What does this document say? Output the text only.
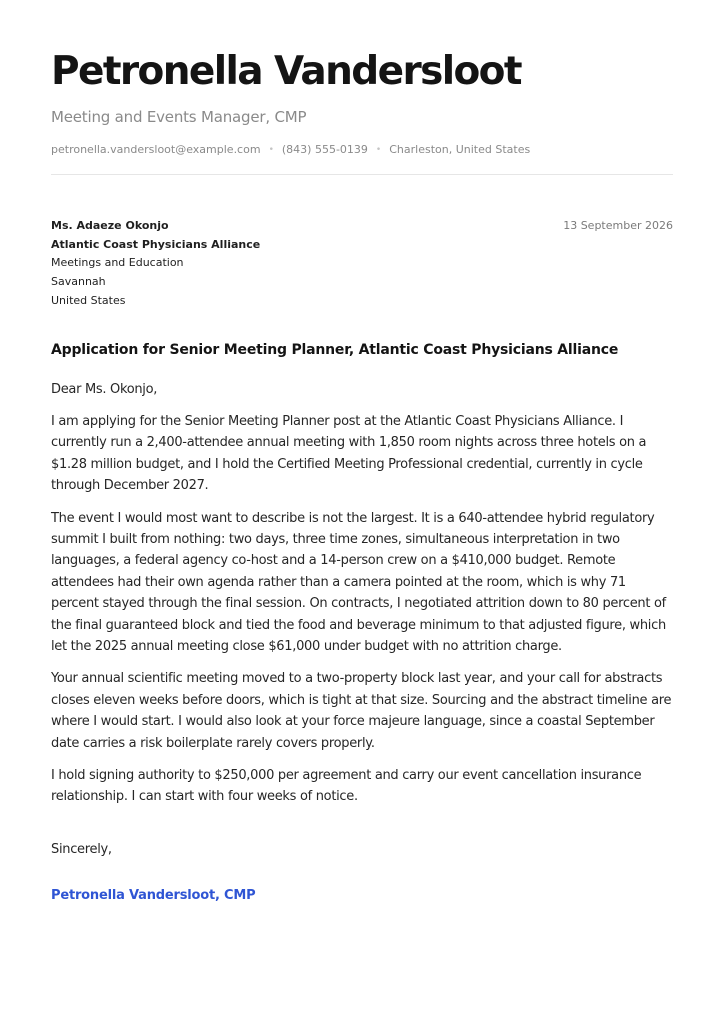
Petronella Vandersloot
Meeting and Events Manager, CMP
petronella.vandersloot@example.com • (843) 555-0139 • Charleston, United States
13 September 2026
Ms. Adaeze Okonjo
Atlantic Coast Physicians Alliance
Meetings and Education
Savannah
United States
Application for Senior Meeting Planner, Atlantic Coast Physicians Alliance
Dear Ms. Okonjo,

I am applying for the Senior Meeting Planner post at the Atlantic Coast Physicians Alliance. I currently run a 2,400-attendee annual meeting with 1,850 room nights across three hotels on a $1.28 million budget, and I hold the Certified Meeting Professional credential, currently in cycle through December 2027.

The event I would most want to describe is not the largest. It is a 640-attendee hybrid regulatory summit I built from nothing: two days, three time zones, simultaneous interpretation in two languages, a federal agency co-host and a 14-person crew on a $410,000 budget. Remote attendees had their own agenda rather than a camera pointed at the room, which is why 71 percent stayed through the final session. On contracts, I negotiated attrition down to 80 percent of the final guaranteed block and tied the food and beverage minimum to that adjusted figure, which let the 2025 annual meeting close $61,000 under budget with no attrition charge.

Your annual scientific meeting moved to a two-property block last year, and your call for abstracts closes eleven weeks before doors, which is tight at that size. Sourcing and the abstract timeline are where I would start. I would also look at your force majeure language, since a coastal September date carries a risk boilerplate rarely covers properly.

I hold signing authority to $250,000 per agreement and carry our event cancellation insurance relationship. I can start with four weeks of notice.

Sincerely,
Petronella Vandersloot, CMP
